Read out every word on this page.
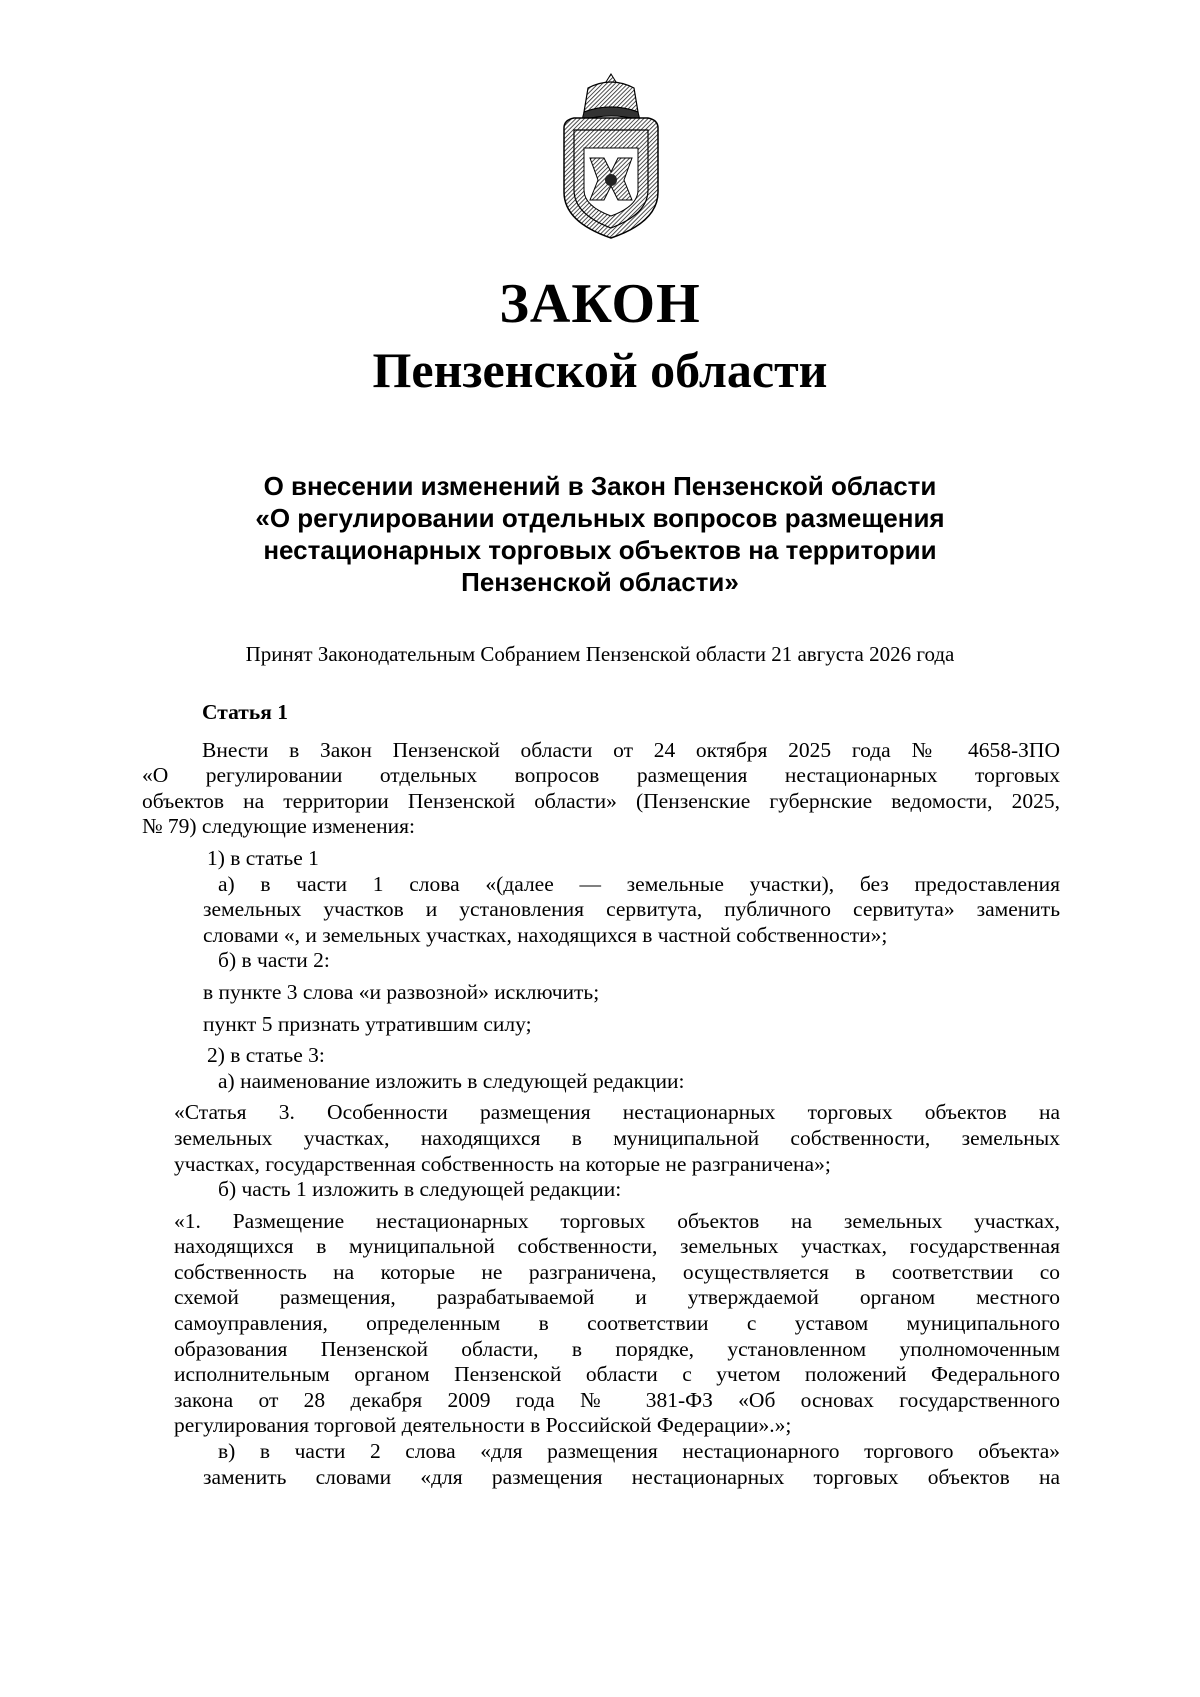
ЗАКОН
Пензенской области
О внесении изменений в Закон Пензенской области
«О регулировании отдельных вопросов размещения
нестационарных торговых объектов на территории
Пензенской области»
Принят Законодательным Собранием Пензенской области 21 августа 2026 года
Статья 1
Внести в Закон Пензенской области от 24 октября 2025 года № 4658-ЗПО
«О регулировании отдельных вопросов размещения нестационарных торговых
объектов на территории Пензенской области» (Пензенские губернские ведомости, 2025,
№ 79) следующие изменения:
1) в статье 1
а) в части 1 слова «(далее — земельные участки), без предоставления
земельных участков и установления сервитута, публичного сервитута» заменить
словами «, и земельных участках, находящихся в частной собственности»;
б) в части 2:
в пункте 3 слова «и развозной» исключить;
пункт 5 признать утратившим силу;
2) в статье 3:
а) наименование изложить в следующей редакции:
«Статья 3. Особенности размещения нестационарных торговых объектов на
земельных участках, находящихся в муниципальной собственности, земельных
участках, государственная собственность на которые не разграничена»;
б) часть 1 изложить в следующей редакции:
«1. Размещение нестационарных торговых объектов на земельных участках,
находящихся в муниципальной собственности, земельных участках, государственная
собственность на которые не разграничена, осуществляется в соответствии со
схемой размещения, разрабатываемой и утверждаемой органом местного
самоуправления, определенным в соответствии с уставом муниципального
образования Пензенской области, в порядке, установленном уполномоченным
исполнительным органом Пензенской области с учетом положений Федерального
закона от 28 декабря 2009 года № 381-ФЗ «Об основах государственного
регулирования торговой деятельности в Российской Федерации».»;
в) в части 2 слова «для размещения нестационарного торгового объекта»
заменить словами «для размещения нестационарных торговых объектов на
